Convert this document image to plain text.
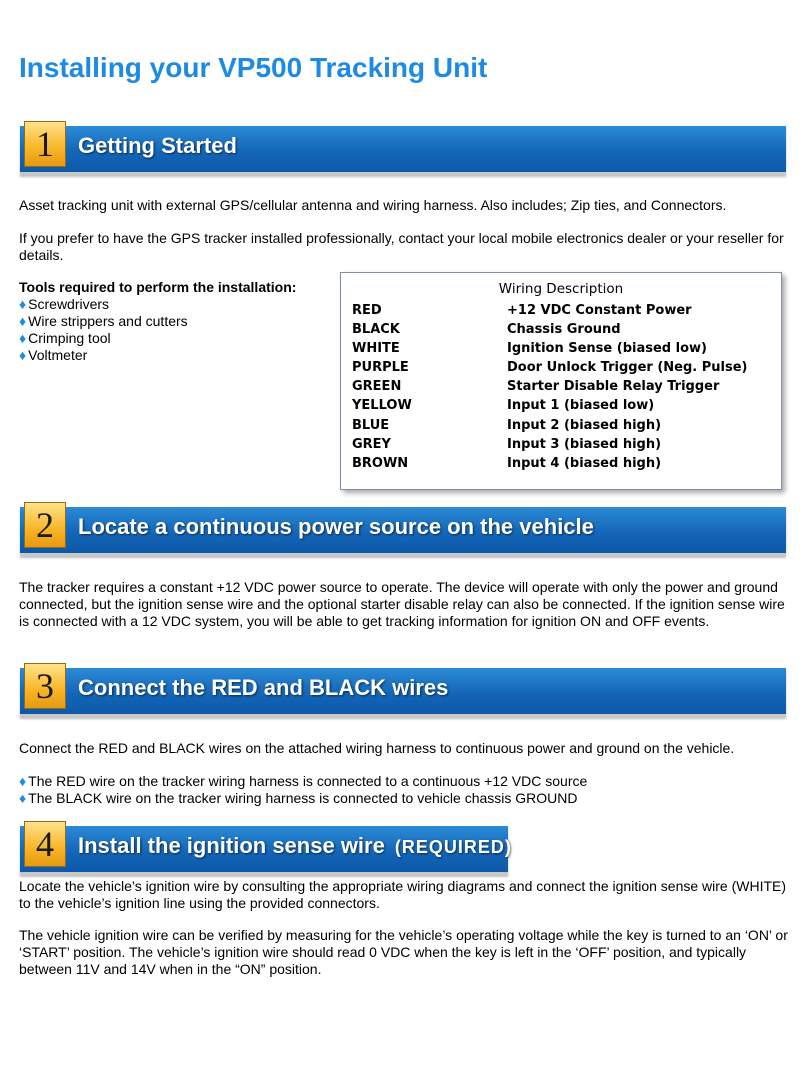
Installing your VP500 Tracking Unit
1	Getting Started

Asset tracking unit with external GPS/cellular antenna and wiring harness. Also includes; Zip ties, and Connectors.

If you prefer to have the GPS tracker installed professionally, contact your local mobile electronics dealer or your reseller for details.

Tools required to perform the installation:
♦ Screwdrivers
♦ Wire strippers and cutters
♦ Crimping tool
♦ Voltmeter
Wiring Description
RED	+12 VDC Constant Power
BLACK	Chassis Ground
WHITE	Ignition Sense (biased low)
PURPLE	Door Unlock Trigger (Neg. Pulse)
GREEN	Starter Disable Relay Trigger
YELLOW	Input 1 (biased low)
BLUE	Input 2 (biased high)
GREY	Input 3 (biased high)
BROWN	Input 4 (biased high)
2	Locate a continuous power source on the vehicle

The tracker requires a constant +12 VDC power source to operate. The device will operate with only the power and ground connected, but the ignition sense wire and the optional starter disable relay can also be connected. If the ignition sense wire is connected with a 12 VDC system, you will be able to get tracking information for ignition ON and OFF events.

3	Connect the RED and BLACK wires

Connect the RED and BLACK wires on the attached wiring harness to continuous power and ground on the vehicle.

♦ The RED wire on the tracker wiring harness is connected to a continuous +12 VDC source
♦ The BLACK wire on the tracker wiring harness is connected to vehicle chassis GROUND
4	Install the ignition sense wire (REQUIRED)

Locate the vehicle’s ignition wire by consulting the appropriate wiring diagrams and connect the ignition sense wire (WHITE) to the vehicle’s ignition line using the provided connectors.

The vehicle ignition wire can be verified by measuring for the vehicle’s operating voltage while the key is turned to an ‘ON’ or ‘START’ position. The vehicle’s ignition wire should read 0 VDC when the key is left in the ‘OFF’ position, and typically between 11V and 14V when in the “ON” position.
